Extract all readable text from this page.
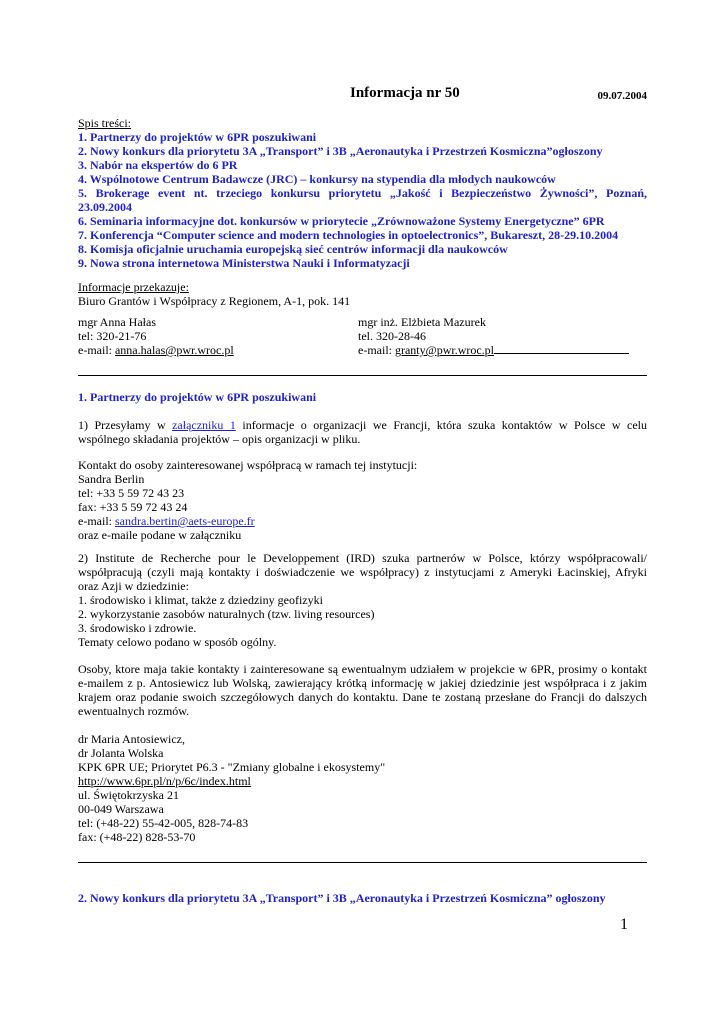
Informacja nr 50	09.07.2004

Spis treści:

1. Partnerzy do projektów w 6PR poszukiwani

2. Nowy konkurs dla priorytetu 3A „Transport” i 3B „Aeronautyka i Przestrzeń Kosmiczna”ogłoszony

3. Nabór na ekspertów do 6 PR

4. Wspólnotowe Centrum Badawcze (JRC) – konkursy na stypendia dla młodych naukowców

5. Brokerage event nt. trzeciego konkursu priorytetu „Jakość i Bezpieczeństwo Żywności”, Poznań,

23.09.2004

6. Seminaria informacyjne dot. konkursów w priorytecie „Zrównoważone Systemy Energetyczne” 6PR

7. Konferencja “Computer science and modern technologies in optoelectronics”, Bukareszt, 28-29.10.2004

8. Komisja oficjalnie uruchamia europejską sieć centrów informacji dla naukowców

9. Nowa strona internetowa Ministerstwa Nauki i Informatyzacji

Informacje przekazuje:

Biuro Grantów i Współpracy z Regionem, A-1, pok. 141

mgr Anna Hałas

tel: 320-21-76

e-mail: anna.halas@pwr.wroc.pl

mgr inż. Elżbieta Mazurek

tel. 320-28-46

e-mail: granty@pwr.wroc.pl

1. Partnerzy do projektów w 6PR poszukiwani

1) Przesyłamy w załączniku 1 informacje o organizacji we Francji, która szuka kontaktów w Polsce w celu

wspólnego składania projektów – opis organizacji w pliku.

Kontakt do osoby zainteresowanej współpracą w ramach tej instytucji:

Sandra Berlin

tel: +33 5 59 72 43 23

fax: +33 5 59 72 43 24

e-mail: sandra.bertin@aets-europe.fr

oraz e-maile podane w załączniku

2) Institute de Recherche pour le Developpement (IRD) szuka partnerów w Polsce, którzy współpracowali/

współpracują (czyli mają kontakty i doświadczenie we współpracy) z instytucjami z Ameryki Łacinskiej, Afryki

oraz Azji w dziedzinie:

1. środowisko i klimat, także z dziedziny geofizyki

2. wykorzystanie zasobów naturalnych (tzw. living resources)

3. środowisko i zdrowie.

Tematy celowo podano w sposób ogólny.

Osoby, ktore maja takie kontakty i zainteresowane są ewentualnym udziałem w projekcie w 6PR, prosimy o kontakt

e-mailem z p. Antosiewicz lub Wolską, zawierający krótką informację w jakiej dziedzinie jest współpraca i z jakim

krajem oraz podanie swoich szczegółowych danych do kontaktu. Dane te zostaną przesłane do Francji do dalszych

ewentualnych rozmów.

dr Maria Antosiewicz,

dr Jolanta Wolska

KPK 6PR UE; Priorytet P6.3 - "Zmiany globalne i ekosystemy"

http://www.6pr.pl/n/p/6c/index.html

ul. Świętokrzyska 21

00-049 Warszawa

tel: (+48-22) 55-42-005, 828-74-83

fax: (+48-22) 828-53-70

2. Nowy konkurs dla priorytetu 3A „Transport” i 3B „Aeronautyka i Przestrzeń Kosmiczna” ogłoszony

1
